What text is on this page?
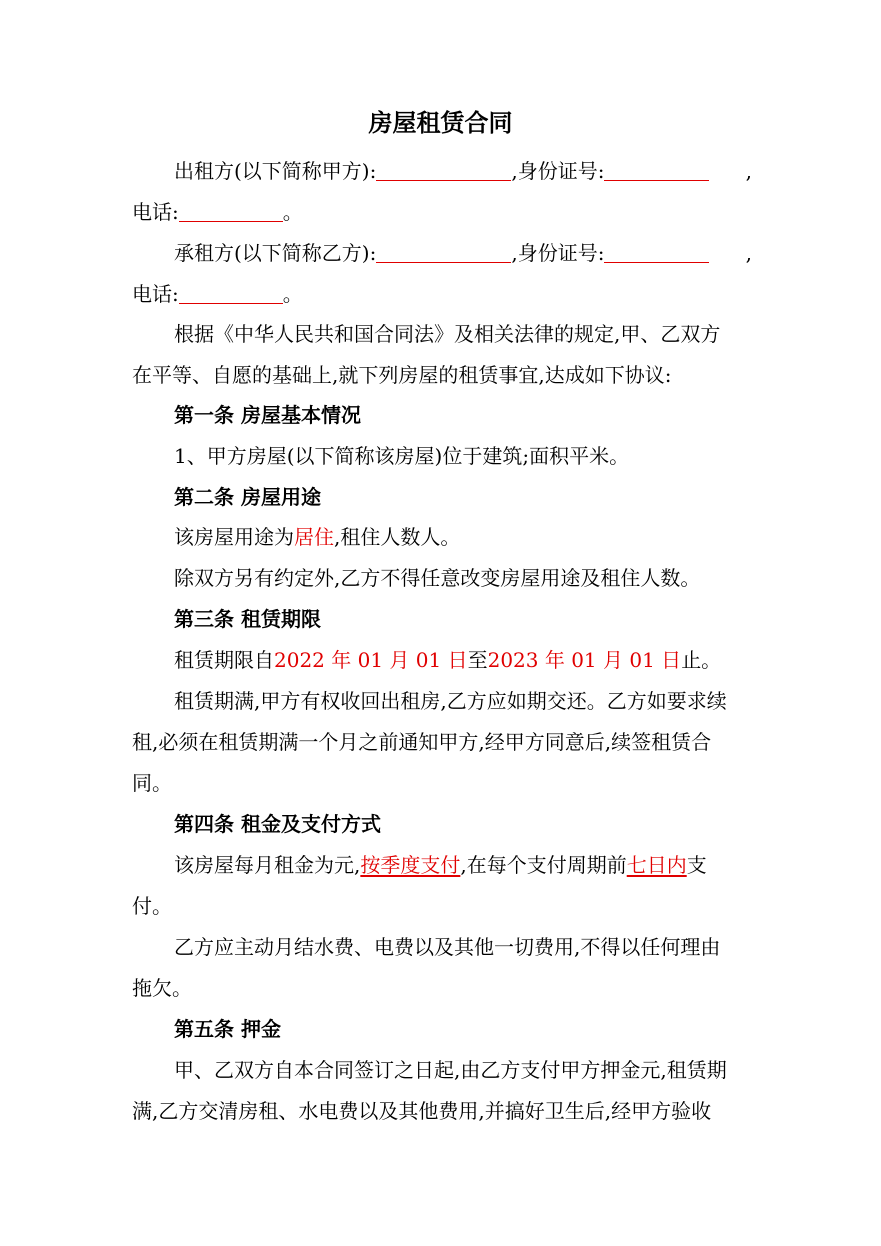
房屋租赁合同
出租方(以下简称甲方):	,身份证号:	,
电话:	。
承租方(以下简称乙方):	,身份证号:	,
电话:	。
根据《中华人民共和国合同法》及相关法律的规定,甲、乙双方
在平等、自愿的基础上,就下列房屋的租赁事宜,达成如下协议:
第一条 房屋基本情况
1、甲方房屋(以下简称该房屋)位于建筑;面积平米。
第二条 房屋用途
该房屋用途为居住,租住人数人。
除双方另有约定外,乙方不得任意改变房屋用途及租住人数。
第三条 租赁期限
租赁期限自2022 年 01 月 01 日至2023 年 01 月 01 日止。
租赁期满,甲方有权收回出租房,乙方应如期交还。乙方如要求续
租,必须在租赁期满一个月之前通知甲方,经甲方同意后,续签租赁合
同。
第四条 租金及支付方式
该房屋每月租金为元,按季度支付,在每个支付周期前七日内支
付。
乙方应主动月结水费、电费以及其他一切费用,不得以任何理由
拖欠。
第五条 押金
甲、乙双方自本合同签订之日起,由乙方支付甲方押金元,租赁期
满,乙方交清房租、水电费以及其他费用,并搞好卫生后,经甲方验收
